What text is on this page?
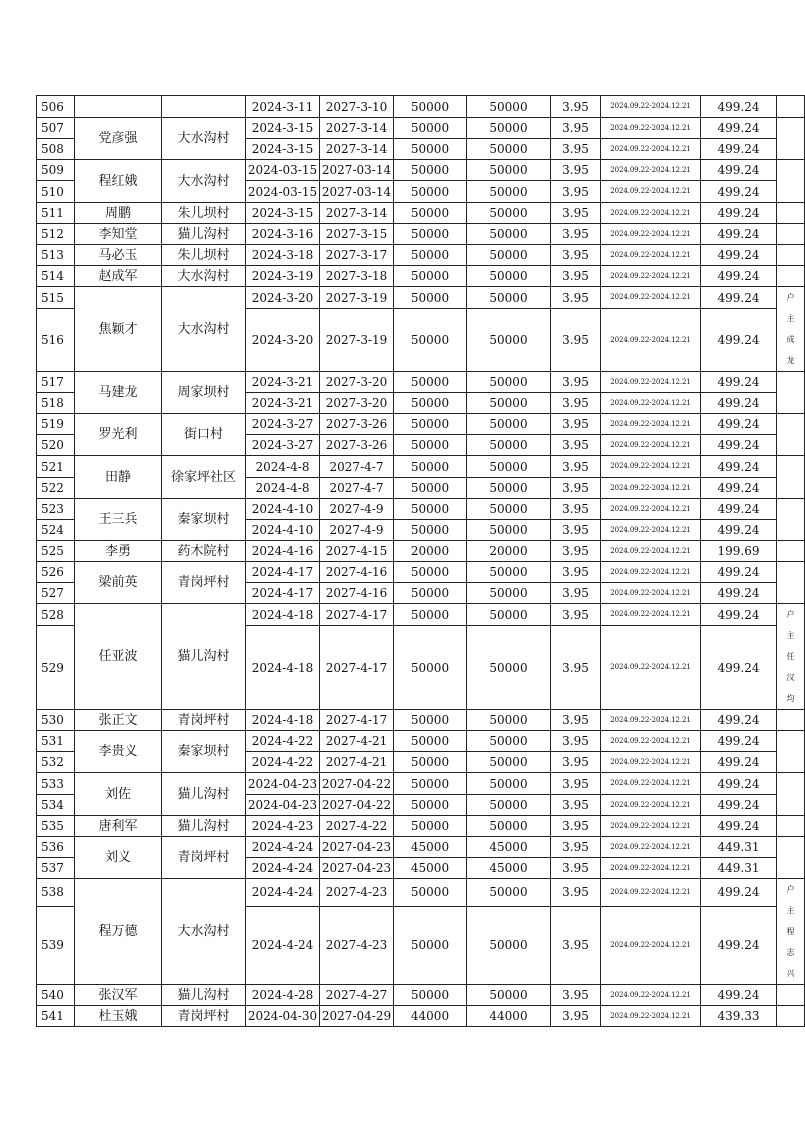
506			2024-3-11	2027-3-10	50000	50000	3.95	2024.09.22-2024.12.21	499.24	
507	党彦强	大水沟村	2024-3-15	2027-3-14	50000	50000	3.95	2024.09.22-2024.12.21	499.24	
508			2024-3-15	2027-3-14	50000	50000	3.95	2024.09.22-2024.12.21	499.24	
509	程红娥	大水沟村	2024-03-15	2027-03-14	50000	50000	3.95	2024.09.22-2024.12.21	499.24	
510			2024-03-15	2027-03-14	50000	50000	3.95	2024.09.22-2024.12.21	499.24	
511	周鹏	朱儿坝村	2024-3-15	2027-3-14	50000	50000	3.95	2024.09.22-2024.12.21	499.24	
512	李知堂	猫儿沟村	2024-3-16	2027-3-15	50000	50000	3.95	2024.09.22-2024.12.21	499.24	
513	马必玉	朱儿坝村	2024-3-18	2027-3-17	50000	50000	3.95	2024.09.22-2024.12.21	499.24	
514	赵成军	大水沟村	2024-3-19	2027-3-18	50000	50000	3.95	2024.09.22-2024.12.21	499.24	
515	焦颖才	大水沟村	2024-3-20	2027-3-19	50000	50000	3.95	2024.09.22-2024.12.21	499.24	户主成龙
516			2024-3-20	2027-3-19	50000	50000	3.95	2024.09.22-2024.12.21	499.24	
517	马建龙	周家坝村	2024-3-21	2027-3-20	50000	50000	3.95	2024.09.22-2024.12.21	499.24	
518			2024-3-21	2027-3-20	50000	50000	3.95	2024.09.22-2024.12.21	499.24	
519	罗光利	街口村	2024-3-27	2027-3-26	50000	50000	3.95	2024.09.22-2024.12.21	499.24	
520			2024-3-27	2027-3-26	50000	50000	3.95	2024.09.22-2024.12.21	499.24	
521	田静	徐家坪社区	2024-4-8	2027-4-7	50000	50000	3.95	2024.09.22-2024.12.21	499.24	
522			2024-4-8	2027-4-7	50000	50000	3.95	2024.09.22-2024.12.21	499.24	
523	王三兵	秦家坝村	2024-4-10	2027-4-9	50000	50000	3.95	2024.09.22-2024.12.21	499.24	
524			2024-4-10	2027-4-9	50000	50000	3.95	2024.09.22-2024.12.21	499.24	
525	李勇	药木院村	2024-4-16	2027-4-15	20000	20000	3.95	2024.09.22-2024.12.21	199.69	
526	梁前英	青岗坪村	2024-4-17	2027-4-16	50000	50000	3.95	2024.09.22-2024.12.21	499.24	
527			2024-4-17	2027-4-16	50000	50000	3.95	2024.09.22-2024.12.21	499.24	
528	任亚波	猫儿沟村	2024-4-18	2027-4-17	50000	50000	3.95	2024.09.22-2024.12.21	499.24	户主任汉均
529			2024-4-18	2027-4-17	50000	50000	3.95	2024.09.22-2024.12.21	499.24	
530	张正文	青岗坪村	2024-4-18	2027-4-17	50000	50000	3.95	2024.09.22-2024.12.21	499.24	
531	李贵义	秦家坝村	2024-4-22	2027-4-21	50000	50000	3.95	2024.09.22-2024.12.21	499.24	
532			2024-4-22	2027-4-21	50000	50000	3.95	2024.09.22-2024.12.21	499.24	
533	刘佐	猫儿沟村	2024-04-23	2027-04-22	50000	50000	3.95	2024.09.22-2024.12.21	499.24	
534			2024-04-23	2027-04-22	50000	50000	3.95	2024.09.22-2024.12.21	499.24	
535	唐利军	猫儿沟村	2024-4-23	2027-4-22	50000	50000	3.95	2024.09.22-2024.12.21	499.24	
536	刘义	青岗坪村	2024-4-24	2027-04-23	45000	45000	3.95	2024.09.22-2024.12.21	449.31	
537			2024-4-24	2027-04-23	45000	45000	3.95	2024.09.22-2024.12.21	449.31	
538	程万德	大水沟村	2024-4-24	2027-4-23	50000	50000	3.95	2024.09.22-2024.12.21	499.24	户主程志兴
539			2024-4-24	2027-4-23	50000	50000	3.95	2024.09.22-2024.12.21	499.24	
540	张汉军	猫儿沟村	2024-4-28	2027-4-27	50000	50000	3.95	2024.09.22-2024.12.21	499.24	
541	杜玉娥	青岗坪村	2024-04-30	2027-04-29	44000	44000	3.95	2024.09.22-2024.12.21	439.33	
